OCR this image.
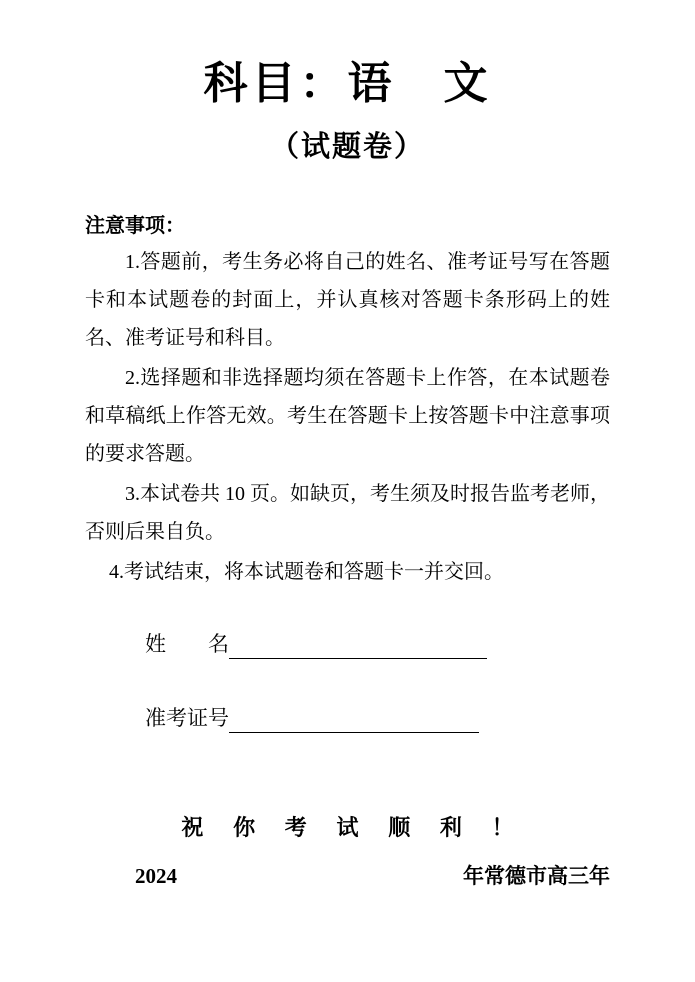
科目：语　文
（试题卷）
注意事项：

1.答题前，考生务必将自己的姓名、准考证号写在答题卡和本试题卷的封面上，并认真核对答题卡条形码上的姓名、准考证号和科目。

2.选择题和非选择题均须在答题卡上作答，在本试题卷和草稿纸上作答无效。考生在答题卡上按答题卡中注意事项的要求答题。

3.本试卷共 10 页。如缺页，考生须及时报告监考老师，否则后果自负。

4.考试结束，将本试题卷和答题卡一并交回。

姓　　名
准考证号
祝 你 考 试 顺 利 ！
2024	年常德市高三年
